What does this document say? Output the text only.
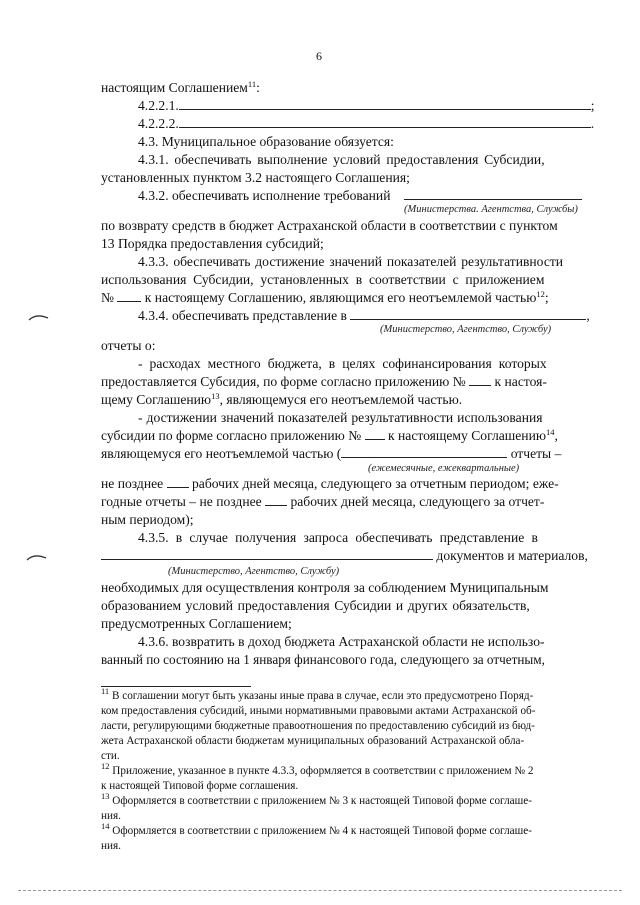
6
настоящим Соглашением$^{11}$:
4.2.2.1.	;
4.2.2.2.	.
4.3. Муниципальное образование обязуется:
4.3.1. обеспечивать выполнение условий предоставления Субсидии,
установленных пунктом 3.2 настоящего Соглашения;
4.3.2. обеспечивать исполнение требований
(Министерства. Агентства, Службы)
по возврату средств в бюджет Астраханской области в соответствии с пунктом
13 Порядка предоставления субсидий;
4.3.3. обеспечивать достижение значений показателей результативности
использования Субсидии, установленных в соответствии с приложением
№ к настоящему Соглашению, являющимся его неотъемлемой частью$^{12}$;
4.3.4. обеспечивать представление в	,
(Министерство, Агентство, Службу)
отчеты о:
- расходах местного бюджета, в целях софинансирования которых
предоставляется Субсидия, по форме согласно приложению № к настоя-
щему Соглашению$^{13}$, являющемуся его неотъемлемой частью.
- достижении значений показателей результативности использования
субсидии по форме согласно приложению № к настоящему Соглашению$^{14}$,
являющемуся его неотъемлемой частью (	отчеты –
(ежемесячные, ежеквартальные)
не позднее рабочих дней месяца, следующего за отчетным периодом; еже-
годные отчеты – не позднее рабочих дней месяца, следующего за отчет-
ным периодом);
4.3.5. в случае получения запроса обеспечивать представление в
документов и материалов,
(Министерство, Агентство, Службу)
необходимых для осуществления контроля за соблюдением Муниципальным
образованием условий предоставления Субсидии и других обязательств,
предусмотренных Соглашением;
4.3.6. возвратить в доход бюджета Астраханской области не использо-
ванный по состоянию на 1 января финансового года, следующего за отчетным,
$^{11}$ В соглашении могут быть указаны иные права в случае, если это предусмотрено Поряд-
ком предоставления субсидий, иными нормативными правовыми актами Астраханской об-
ласти, регулирующими бюджетные правоотношения по предоставлению субсидий из бюд-
жета Астраханской области бюджетам муниципальных образований Астраханской обла-
сти.
$^{12}$ Приложение, указанное в пункте 4.3.3, оформляется в соответствии с приложением № 2
к настоящей Типовой форме соглашения.
$^{13}$ Оформляется в соответствии с приложением № 3 к настоящей Типовой форме соглаше-
ния.
$^{14}$ Оформляется в соответствии с приложением № 4 к настоящей Типовой форме соглаше-
ния.
